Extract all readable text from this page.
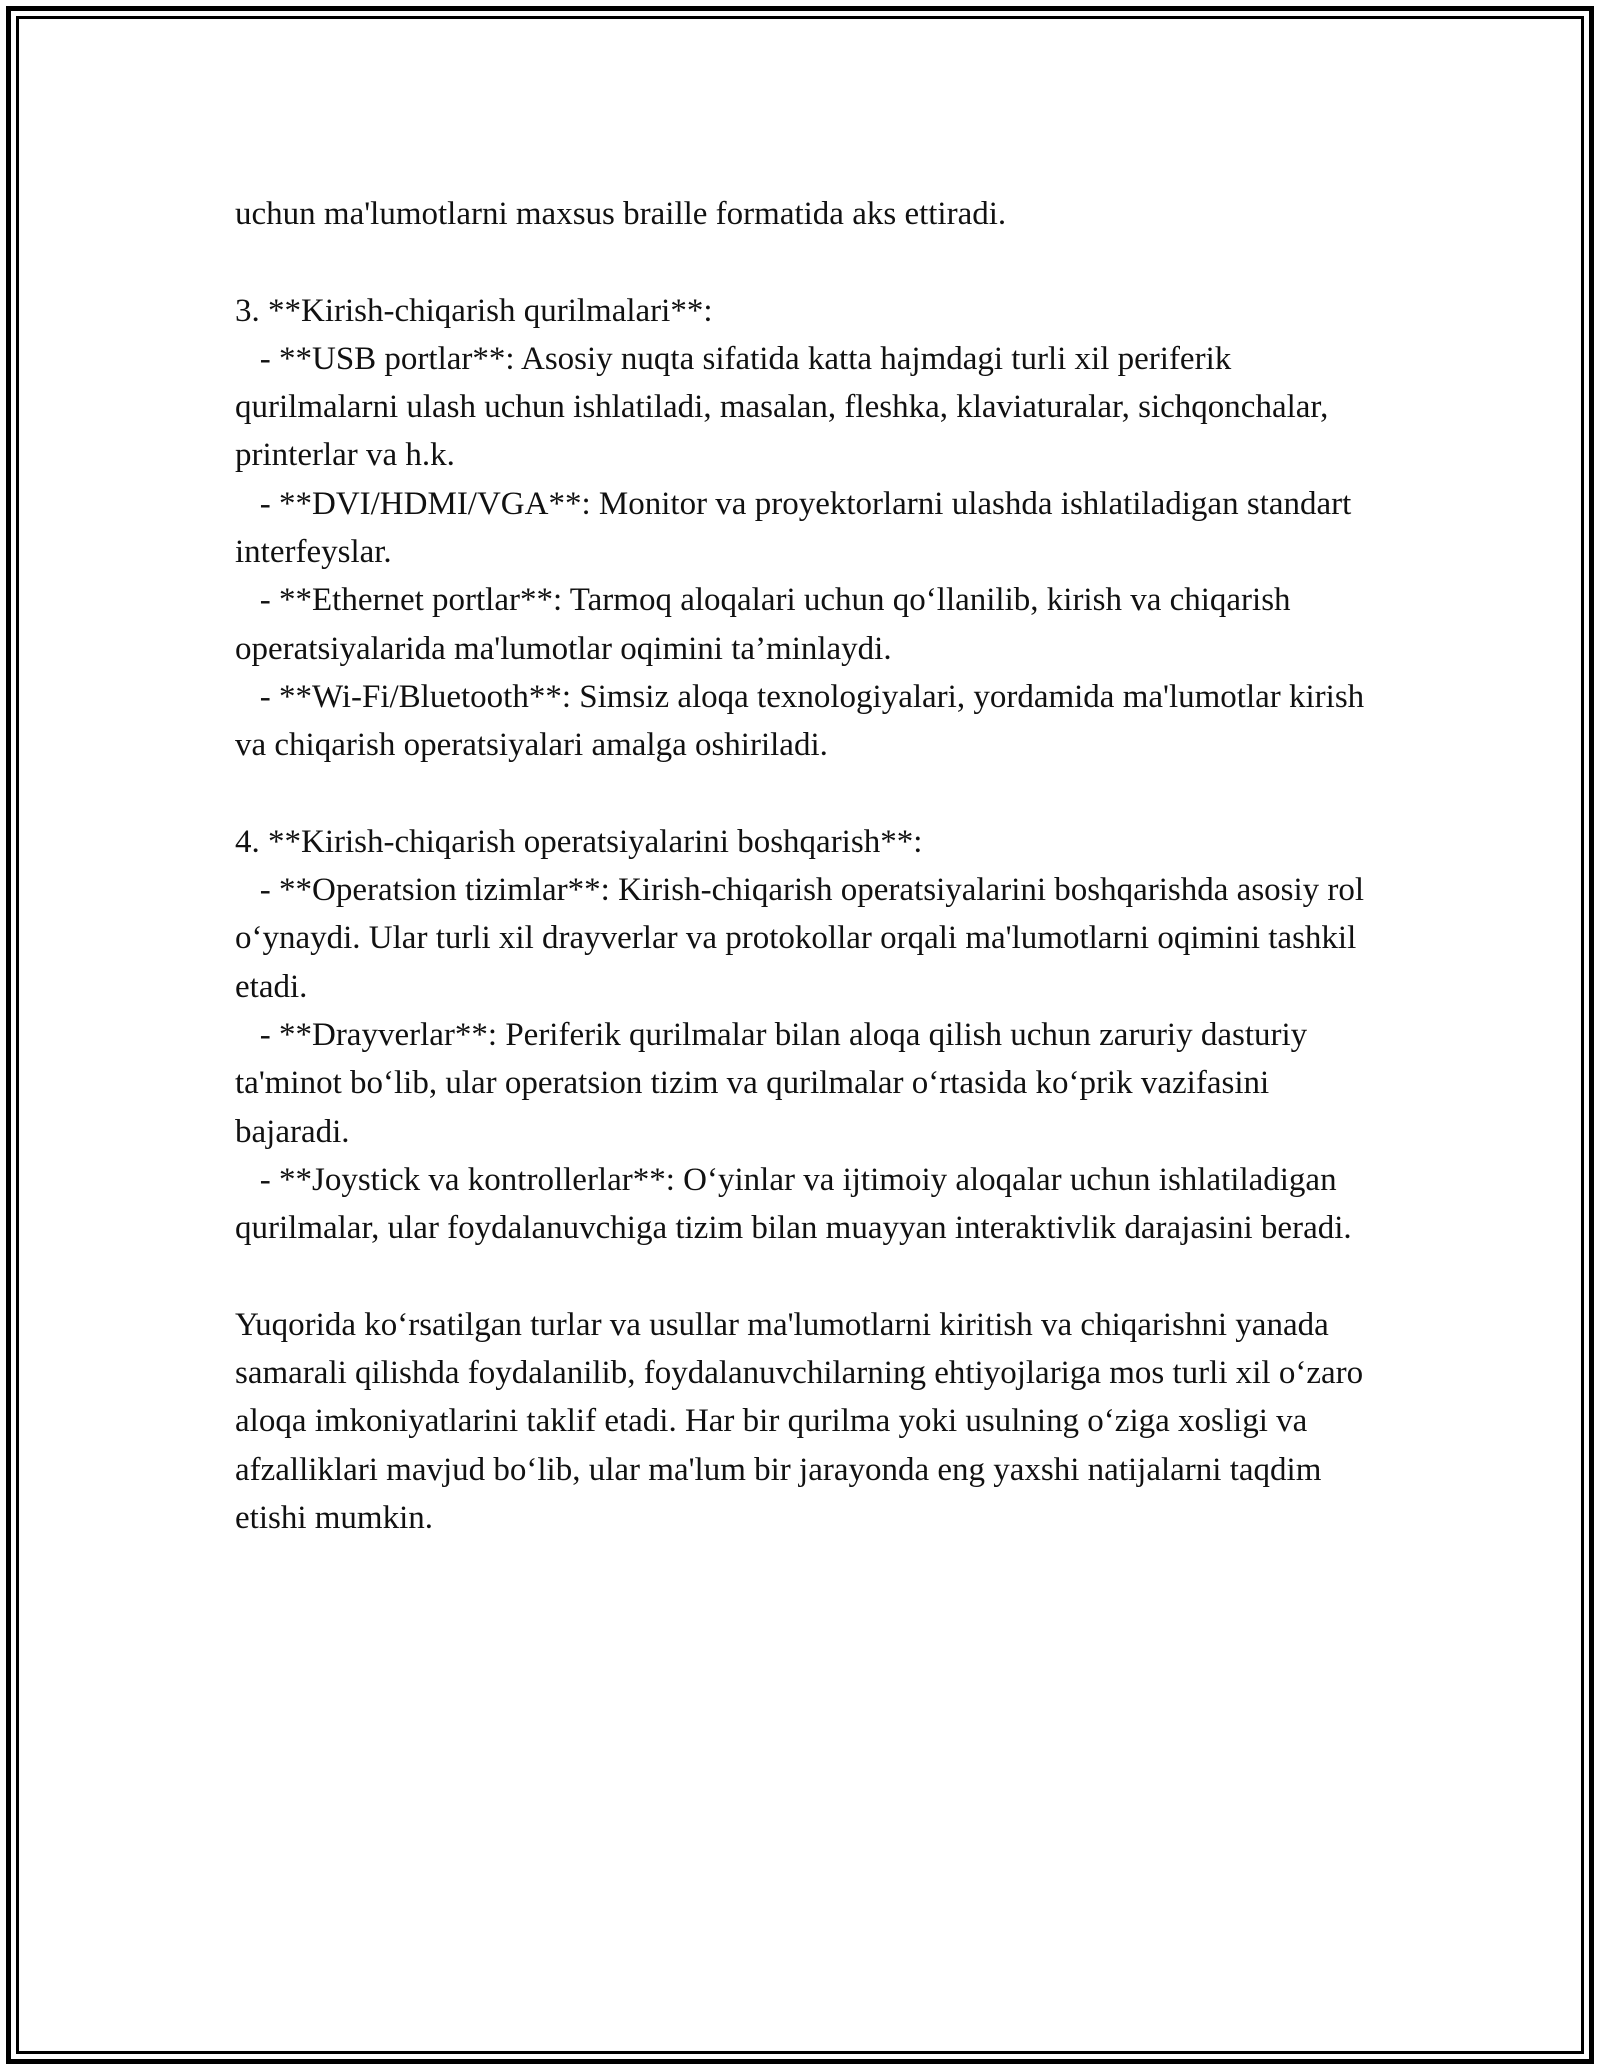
uchun ma'lumotlarni maxsus braille formatida aks ettiradi.

3. **Kirish-chiqarish qurilmalari**:

- **USB portlar**: Asosiy nuqta sifatida katta hajmdagi turli xil periferik qurilmalarni ulash uchun ishlatiladi, masalan, fleshka, klaviaturalar, sichqonchalar, printerlar va h.k.

- **DVI/HDMI/VGA**: Monitor va proyektorlarni ulashda ishlatiladigan standart interfeyslar.

- **Ethernet portlar**: Tarmoq aloqalari uchun qo‘llanilib, kirish va chiqarish operatsiyalarida ma'lumotlar oqimini ta’minlaydi.

- **Wi-Fi/Bluetooth**: Simsiz aloqa texnologiyalari, yordamida ma'lumotlar kirish va chiqarish operatsiyalari amalga oshiriladi.

4. **Kirish-chiqarish operatsiyalarini boshqarish**:

- **Operatsion tizimlar**: Kirish-chiqarish operatsiyalarini boshqarishda asosiy rol o‘ynaydi. Ular turli xil drayverlar va protokollar orqali ma'lumotlarni oqimini tashkil etadi.

- **Drayverlar**: Periferik qurilmalar bilan aloqa qilish uchun zaruriy dasturiy ta'minot bo‘lib, ular operatsion tizim va qurilmalar o‘rtasida ko‘prik vazifasini bajaradi.

- **Joystick va kontrollerlar**: O‘yinlar va ijtimoiy aloqalar uchun ishlatiladigan qurilmalar, ular foydalanuvchiga tizim bilan muayyan interaktivlik darajasini beradi.

Yuqorida ko‘rsatilgan turlar va usullar ma'lumotlarni kiritish va chiqarishni yanada samarali qilishda foydalanilib, foydalanuvchilarning ehtiyojlariga mos turli xil o‘zaro aloqa imkoniyatlarini taklif etadi. Har bir qurilma yoki usulning o‘ziga xosligi va afzalliklari mavjud bo‘lib, ular ma'lum bir jarayonda eng yaxshi natijalarni taqdim etishi mumkin.
